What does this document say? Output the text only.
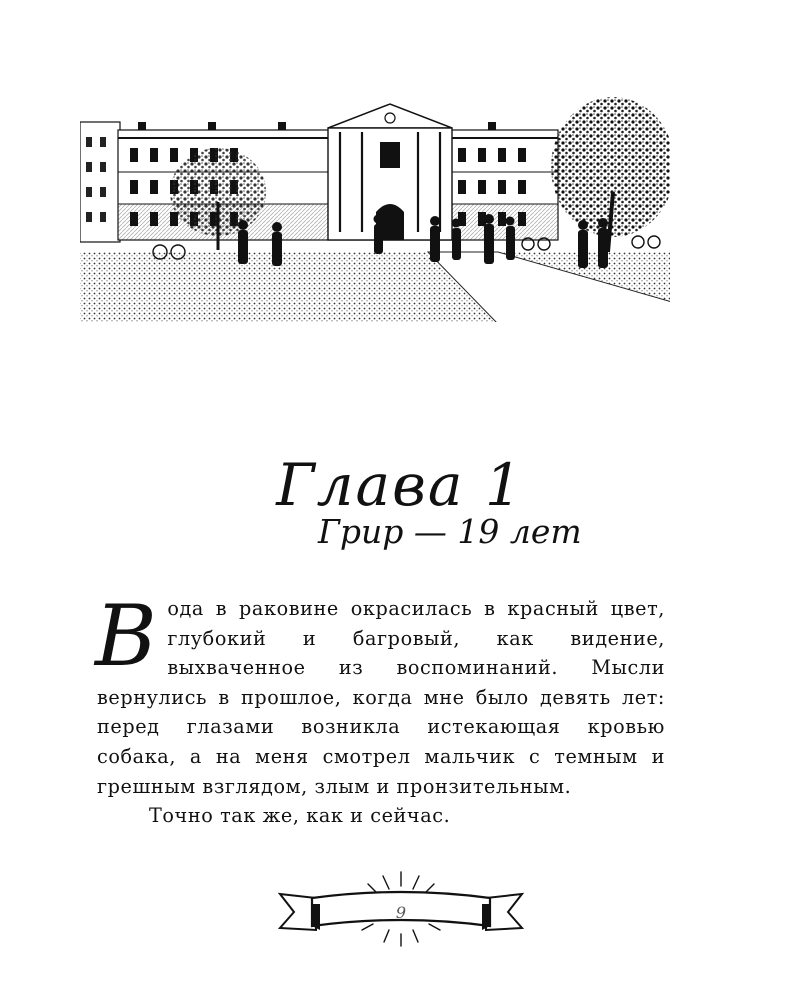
Глава 1
Грир — 19 лет

Вода в раковине окрасилась в красный цвет, глубокий и багровый, как видение, выхваченное из воспоминаний. Мысли вернулись в прошлое, когда мне было девять лет: перед глазами возникла истекающая кровью собака, а на меня смотрел мальчик с темным и грешным взглядом, злым и пронзительным.

Точно так же, как и сейчас.

9
